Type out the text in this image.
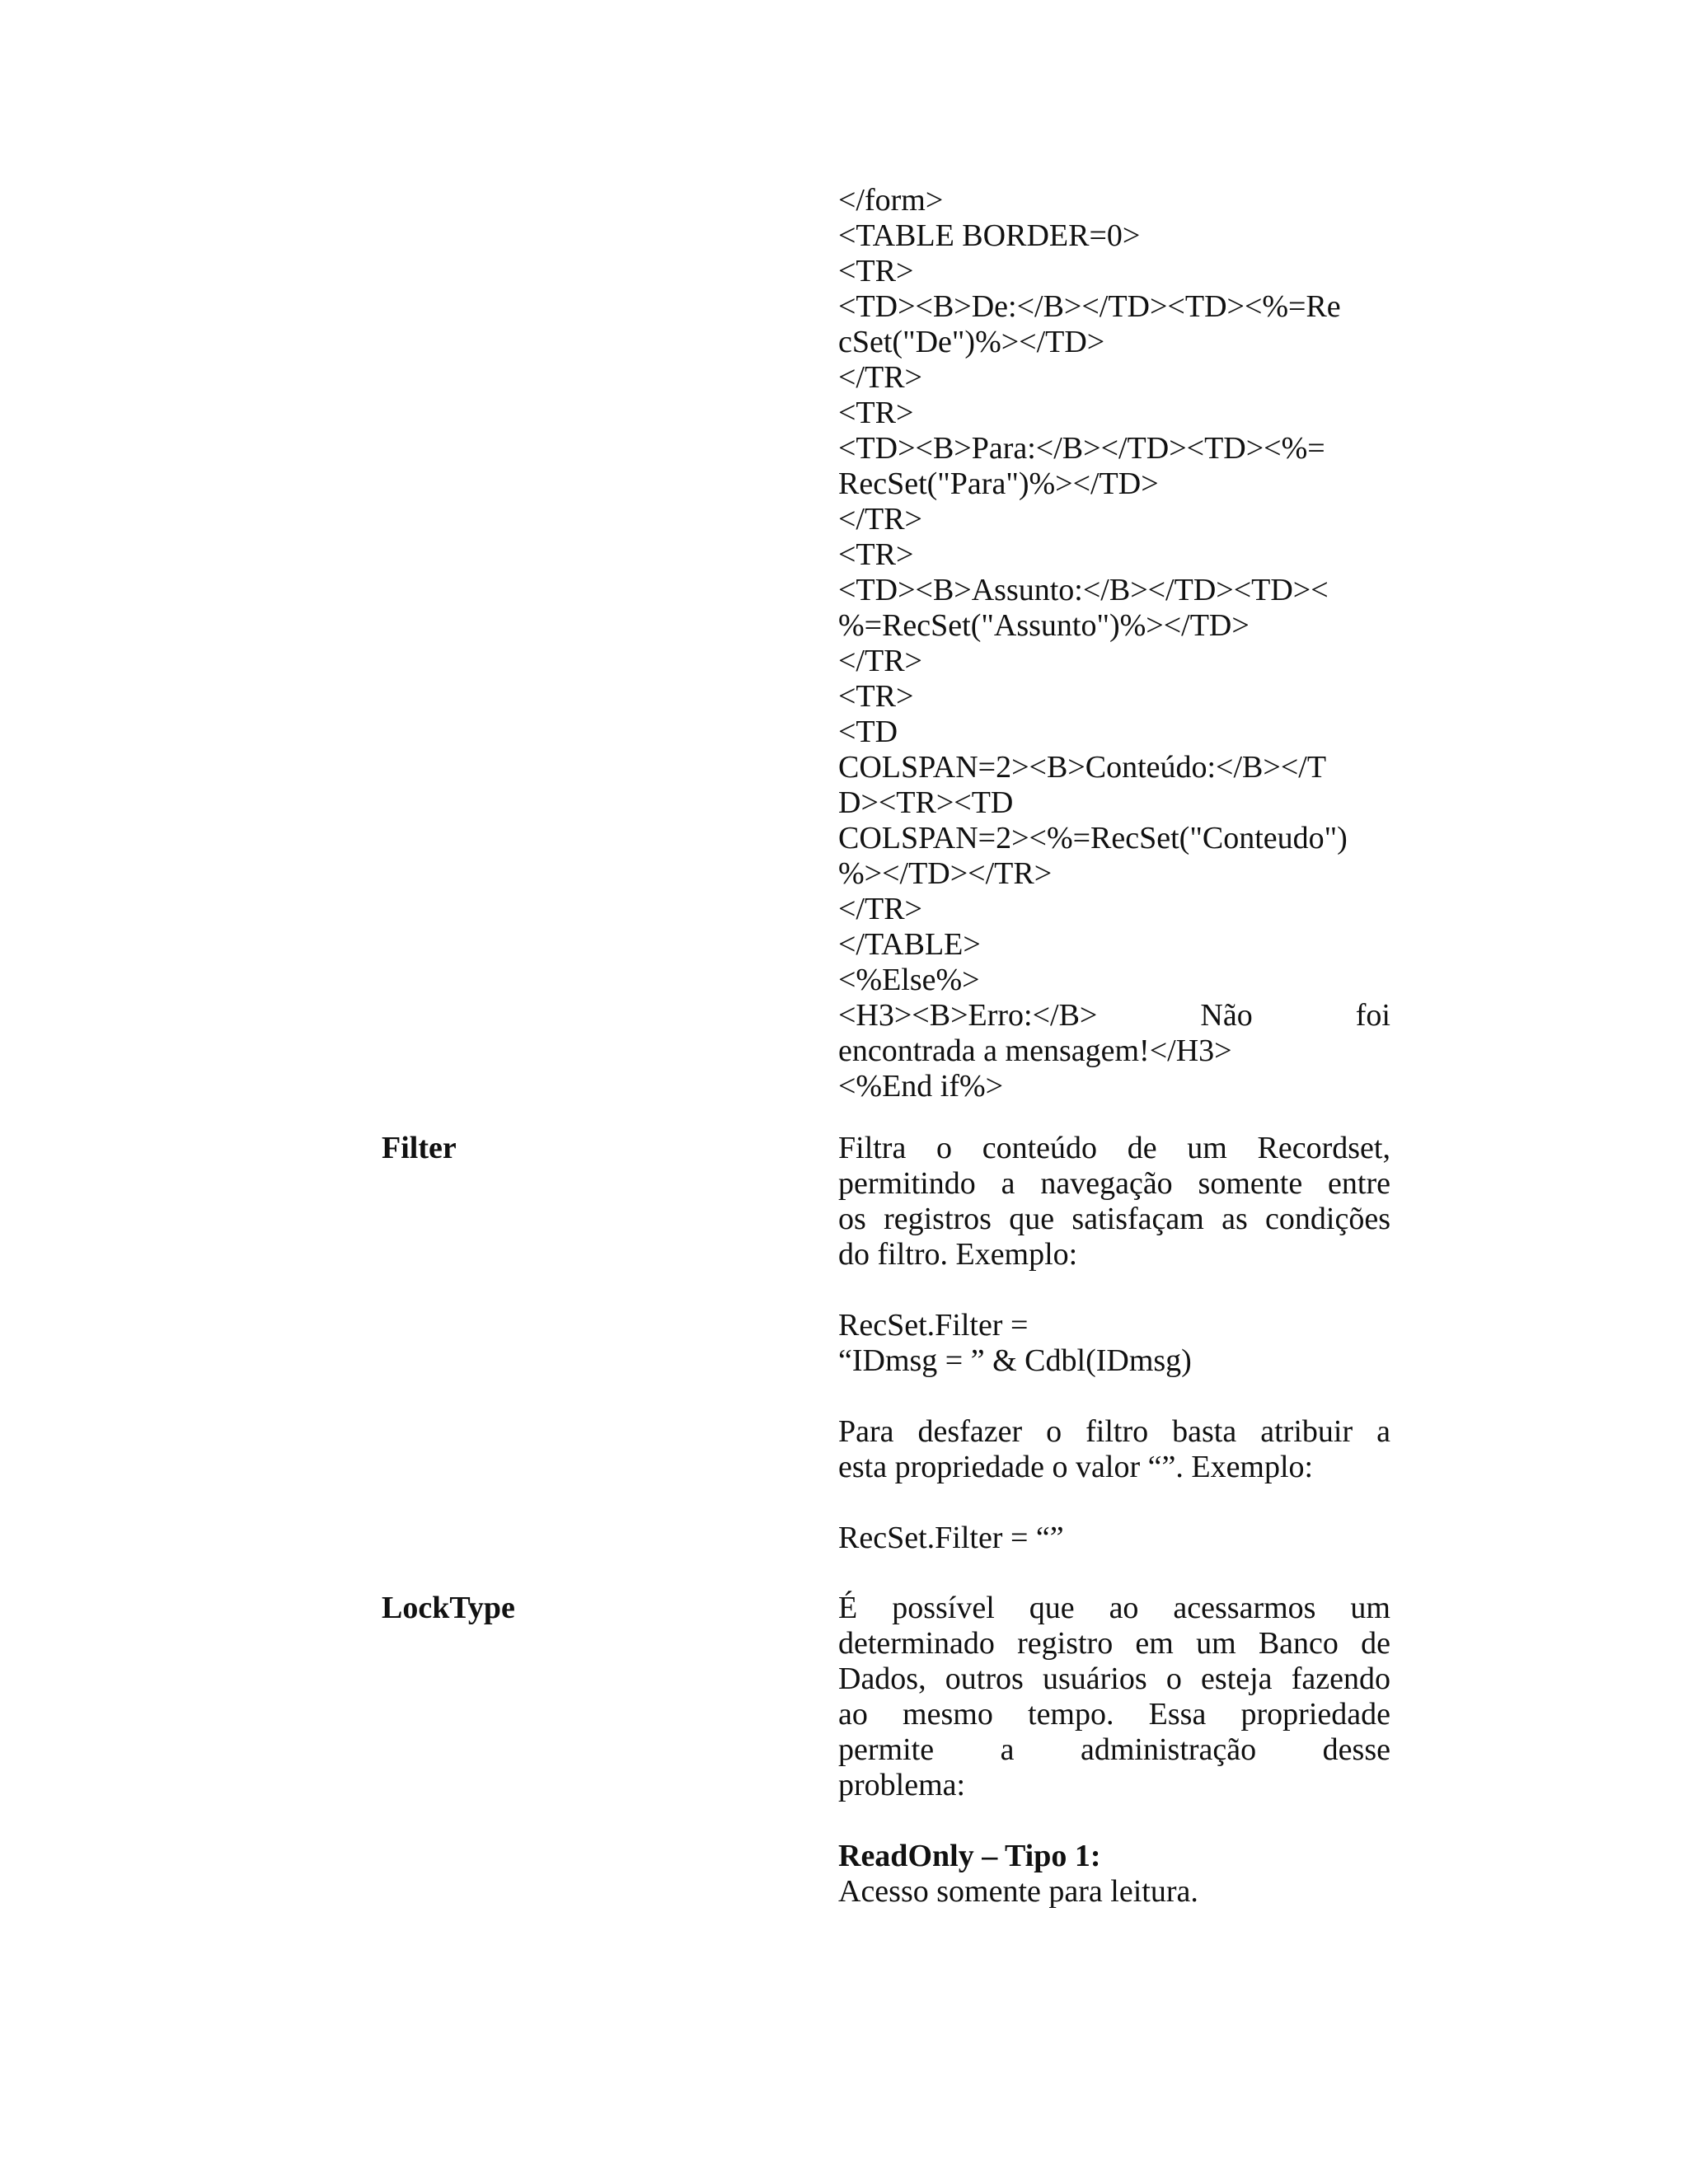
</form>
<TABLE BORDER=0>
<TR>
<TD><B>De:</B></TD><TD><%=Re
cSet("De")%></TD>
</TR>
<TR>
<TD><B>Para:</B></TD><TD><%=
RecSet("Para")%></TD>
</TR>
<TR>
<TD><B>Assunto:</B></TD><TD><
%=RecSet("Assunto")%></TD>
</TR>
<TR>
<TD
COLSPAN=2><B>Conteúdo:</B></T
D><TR><TD
COLSPAN=2><%=RecSet("Conteudo")
%></TD></TR>
</TR>
</TABLE>
<%Else%>
<H3><B>Erro:</B>	Não	foi
encontrada a mensagem!</H3>
<%End if%>
Filter	Filtra o conteúdo de um Recordset,
permitindo a navegação somente entre
os registros que satisfaçam as condições
do filtro. Exemplo:
RecSet.Filter =
“IDmsg = ” & Cdbl(IDmsg)
Para desfazer o filtro basta atribuir a
esta propriedade o valor “”. Exemplo:
RecSet.Filter = “”
LockType	É possível que ao acessarmos um
determinado registro em um Banco de
Dados, outros usuários o esteja fazendo
ao mesmo tempo. Essa propriedade
permite a administração desse
problema:
ReadOnly – Tipo 1:
Acesso somente para leitura.
